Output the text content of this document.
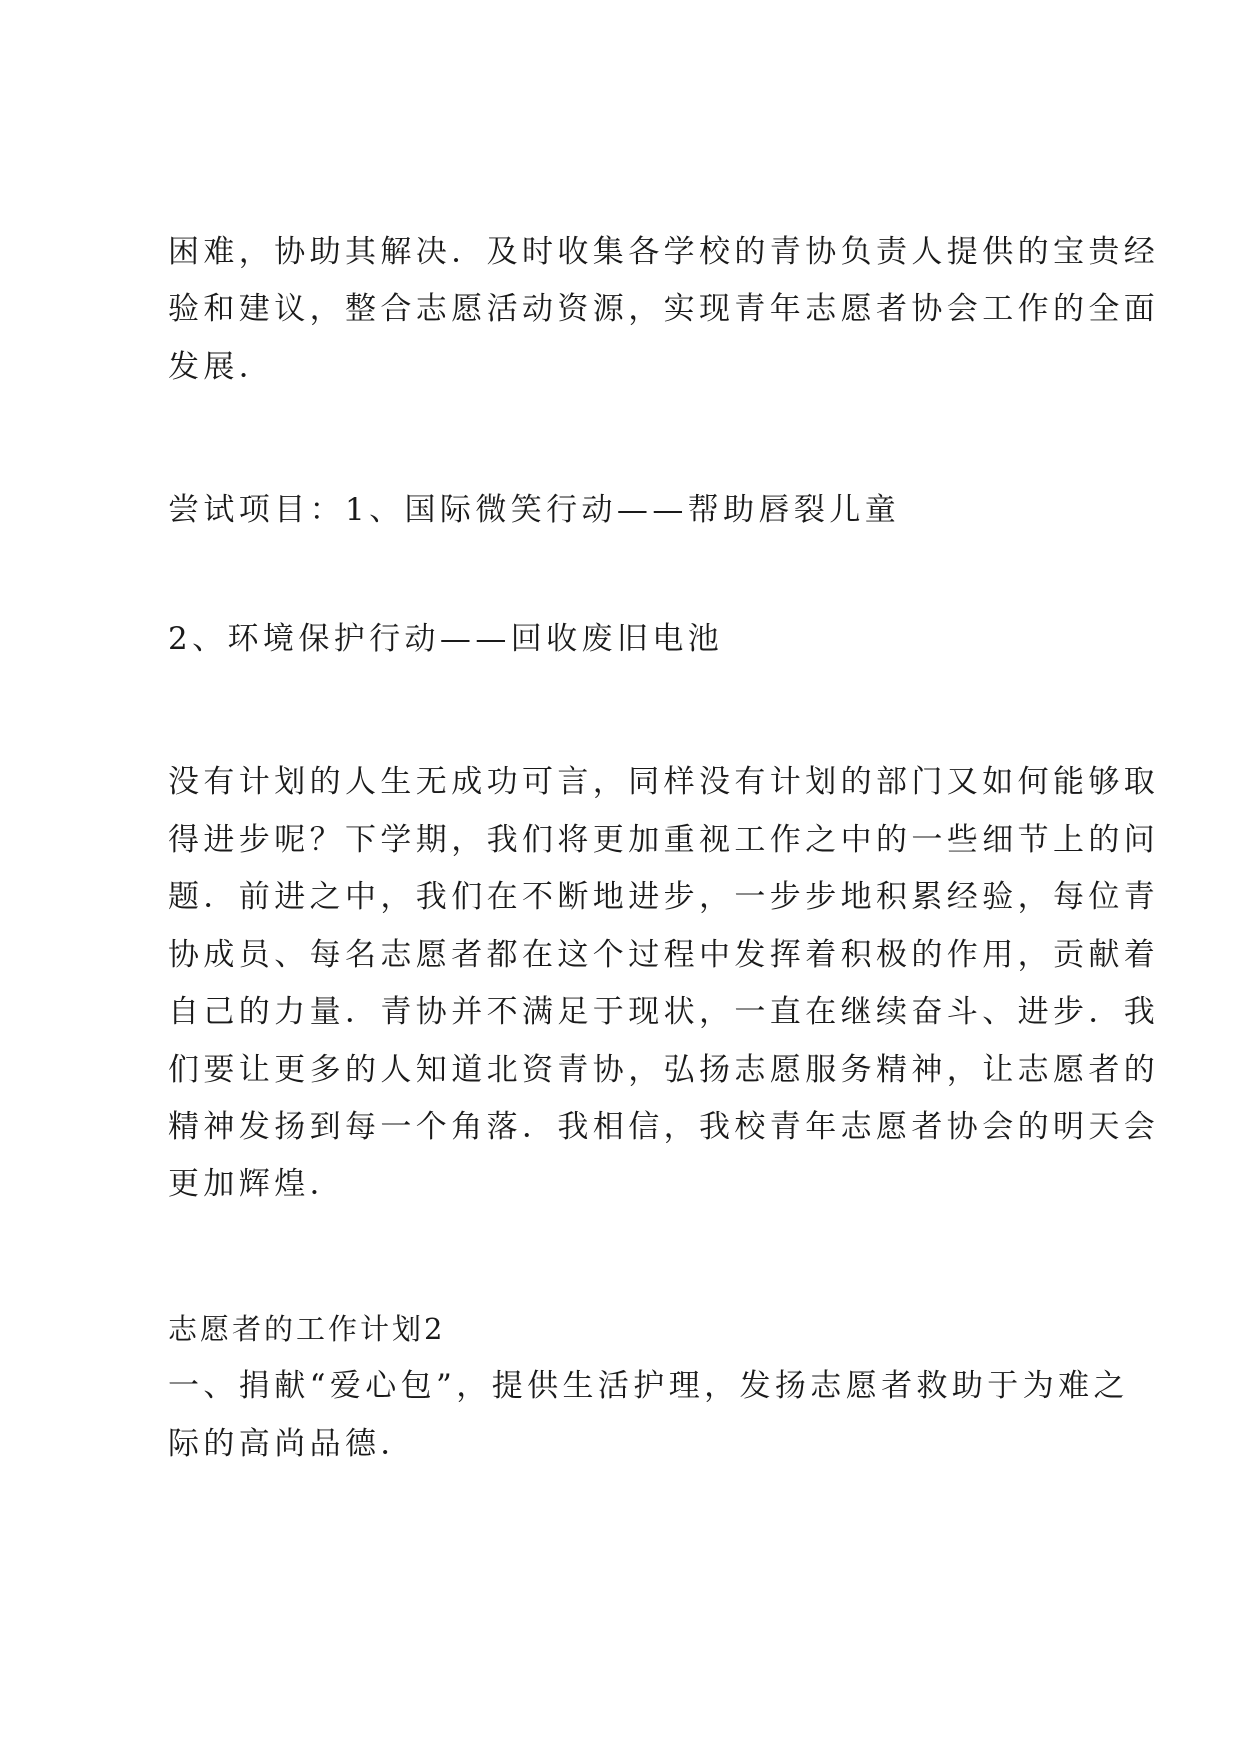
困难，协助其解决．及时收集各学校的青协负责人提供的宝贵经
验和建议，整合志愿活动资源，实现青年志愿者协会工作的全面
发展．
尝试项目：1、国际微笑行动——帮助唇裂儿童
2、环境保护行动——回收废旧电池
没有计划的人生无成功可言，同样没有计划的部门又如何能够取
得进步呢？下学期，我们将更加重视工作之中的一些细节上的问
题．前进之中，我们在不断地进步，一步步地积累经验，每位青
协成员、每名志愿者都在这个过程中发挥着积极的作用，贡献着
自己的力量．青协并不满足于现状，一直在继续奋斗、进步．我
们要让更多的人知道北资青协，弘扬志愿服务精神，让志愿者的
精神发扬到每一个角落．我相信，我校青年志愿者协会的明天会
更加辉煌．
志愿者的工作计划2
一、捐献“爱心包”，提供生活护理，发扬志愿者救助于为难之
际的高尚品德．
